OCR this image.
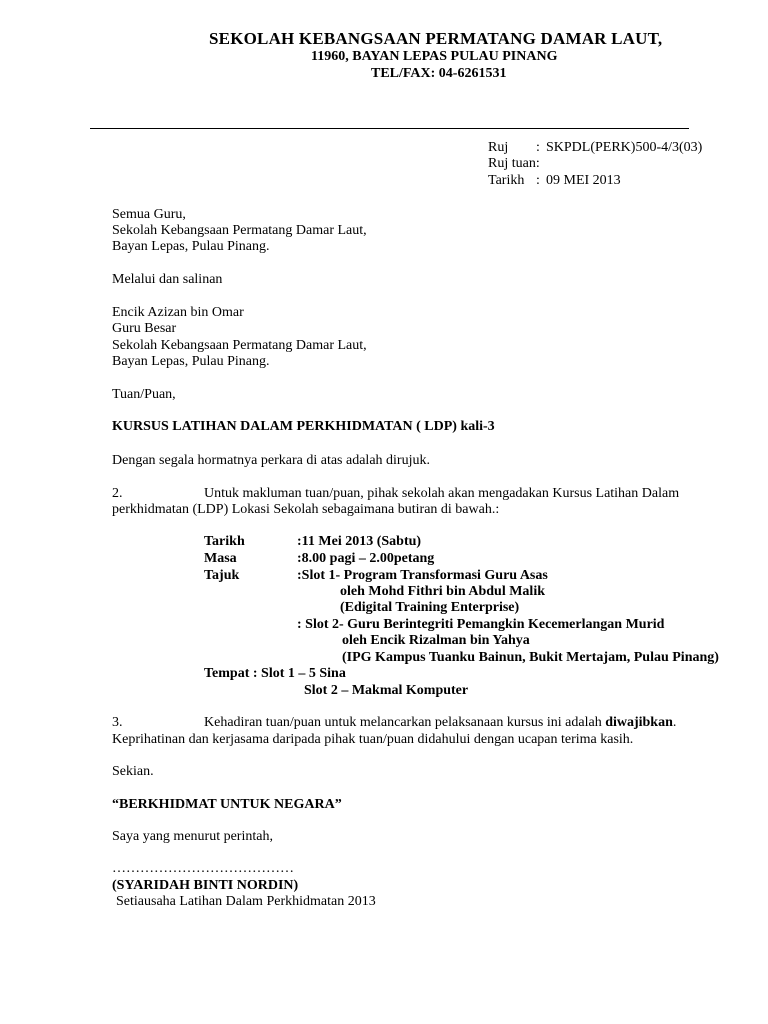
SEKOLAH KEBANGSAAN PERMATANG DAMAR LAUT,
11960, BAYAN LEPAS PULAU PINANG
TEL/FAX: 04-6261531
Ruj : SKPDL(PERK)500-4/3(03)
Ruj tuan:
Tarikh : 09 MEI 2013
Semua Guru,
Sekolah Kebangsaan Permatang Damar Laut,
Bayan Lepas, Pulau Pinang.
Melalui dan salinan
Encik Azizan bin Omar
Guru Besar
Sekolah Kebangsaan Permatang Damar Laut,
Bayan Lepas, Pulau Pinang.
Tuan/Puan,
KURSUS LATIHAN DALAM PERKHIDMATAN ( LDP) kali-3
Dengan segala hormatnya perkara di atas adalah dirujuk.
2.	Untuk makluman tuan/puan, pihak sekolah akan mengadakan Kursus Latihan Dalam
perkhidmatan (LDP) Lokasi Sekolah sebagaimana butiran di bawah.:
Tarikh	:11 Mei 2013 (Sabtu)
Masa	:8.00 pagi – 2.00petang
Tajuk	:Slot 1- Program Transformasi Guru Asas
oleh Mohd Fithri bin Abdul Malik
(Edigital Training Enterprise)
: Slot 2- Guru Berintegriti Pemangkin Kecemerlangan Murid
oleh Encik Rizalman bin Yahya
(IPG Kampus Tuanku Bainun, Bukit Mertajam, Pulau Pinang)
Tempat : Slot 1 – 5 Sina
Slot 2 – Makmal Komputer
3.	Kehadiran tuan/puan untuk melancarkan pelaksanaan kursus ini adalah diwajibkan.
Keprihatinan dan kerjasama daripada pihak tuan/puan didahului dengan ucapan terima kasih.
Sekian.
“BERKHIDMAT UNTUK NEGARA”
Saya yang menurut perintah,
…………………………………
(SYARIDAH BINTI NORDIN)
Setiausaha Latihan Dalam Perkhidmatan 2013
